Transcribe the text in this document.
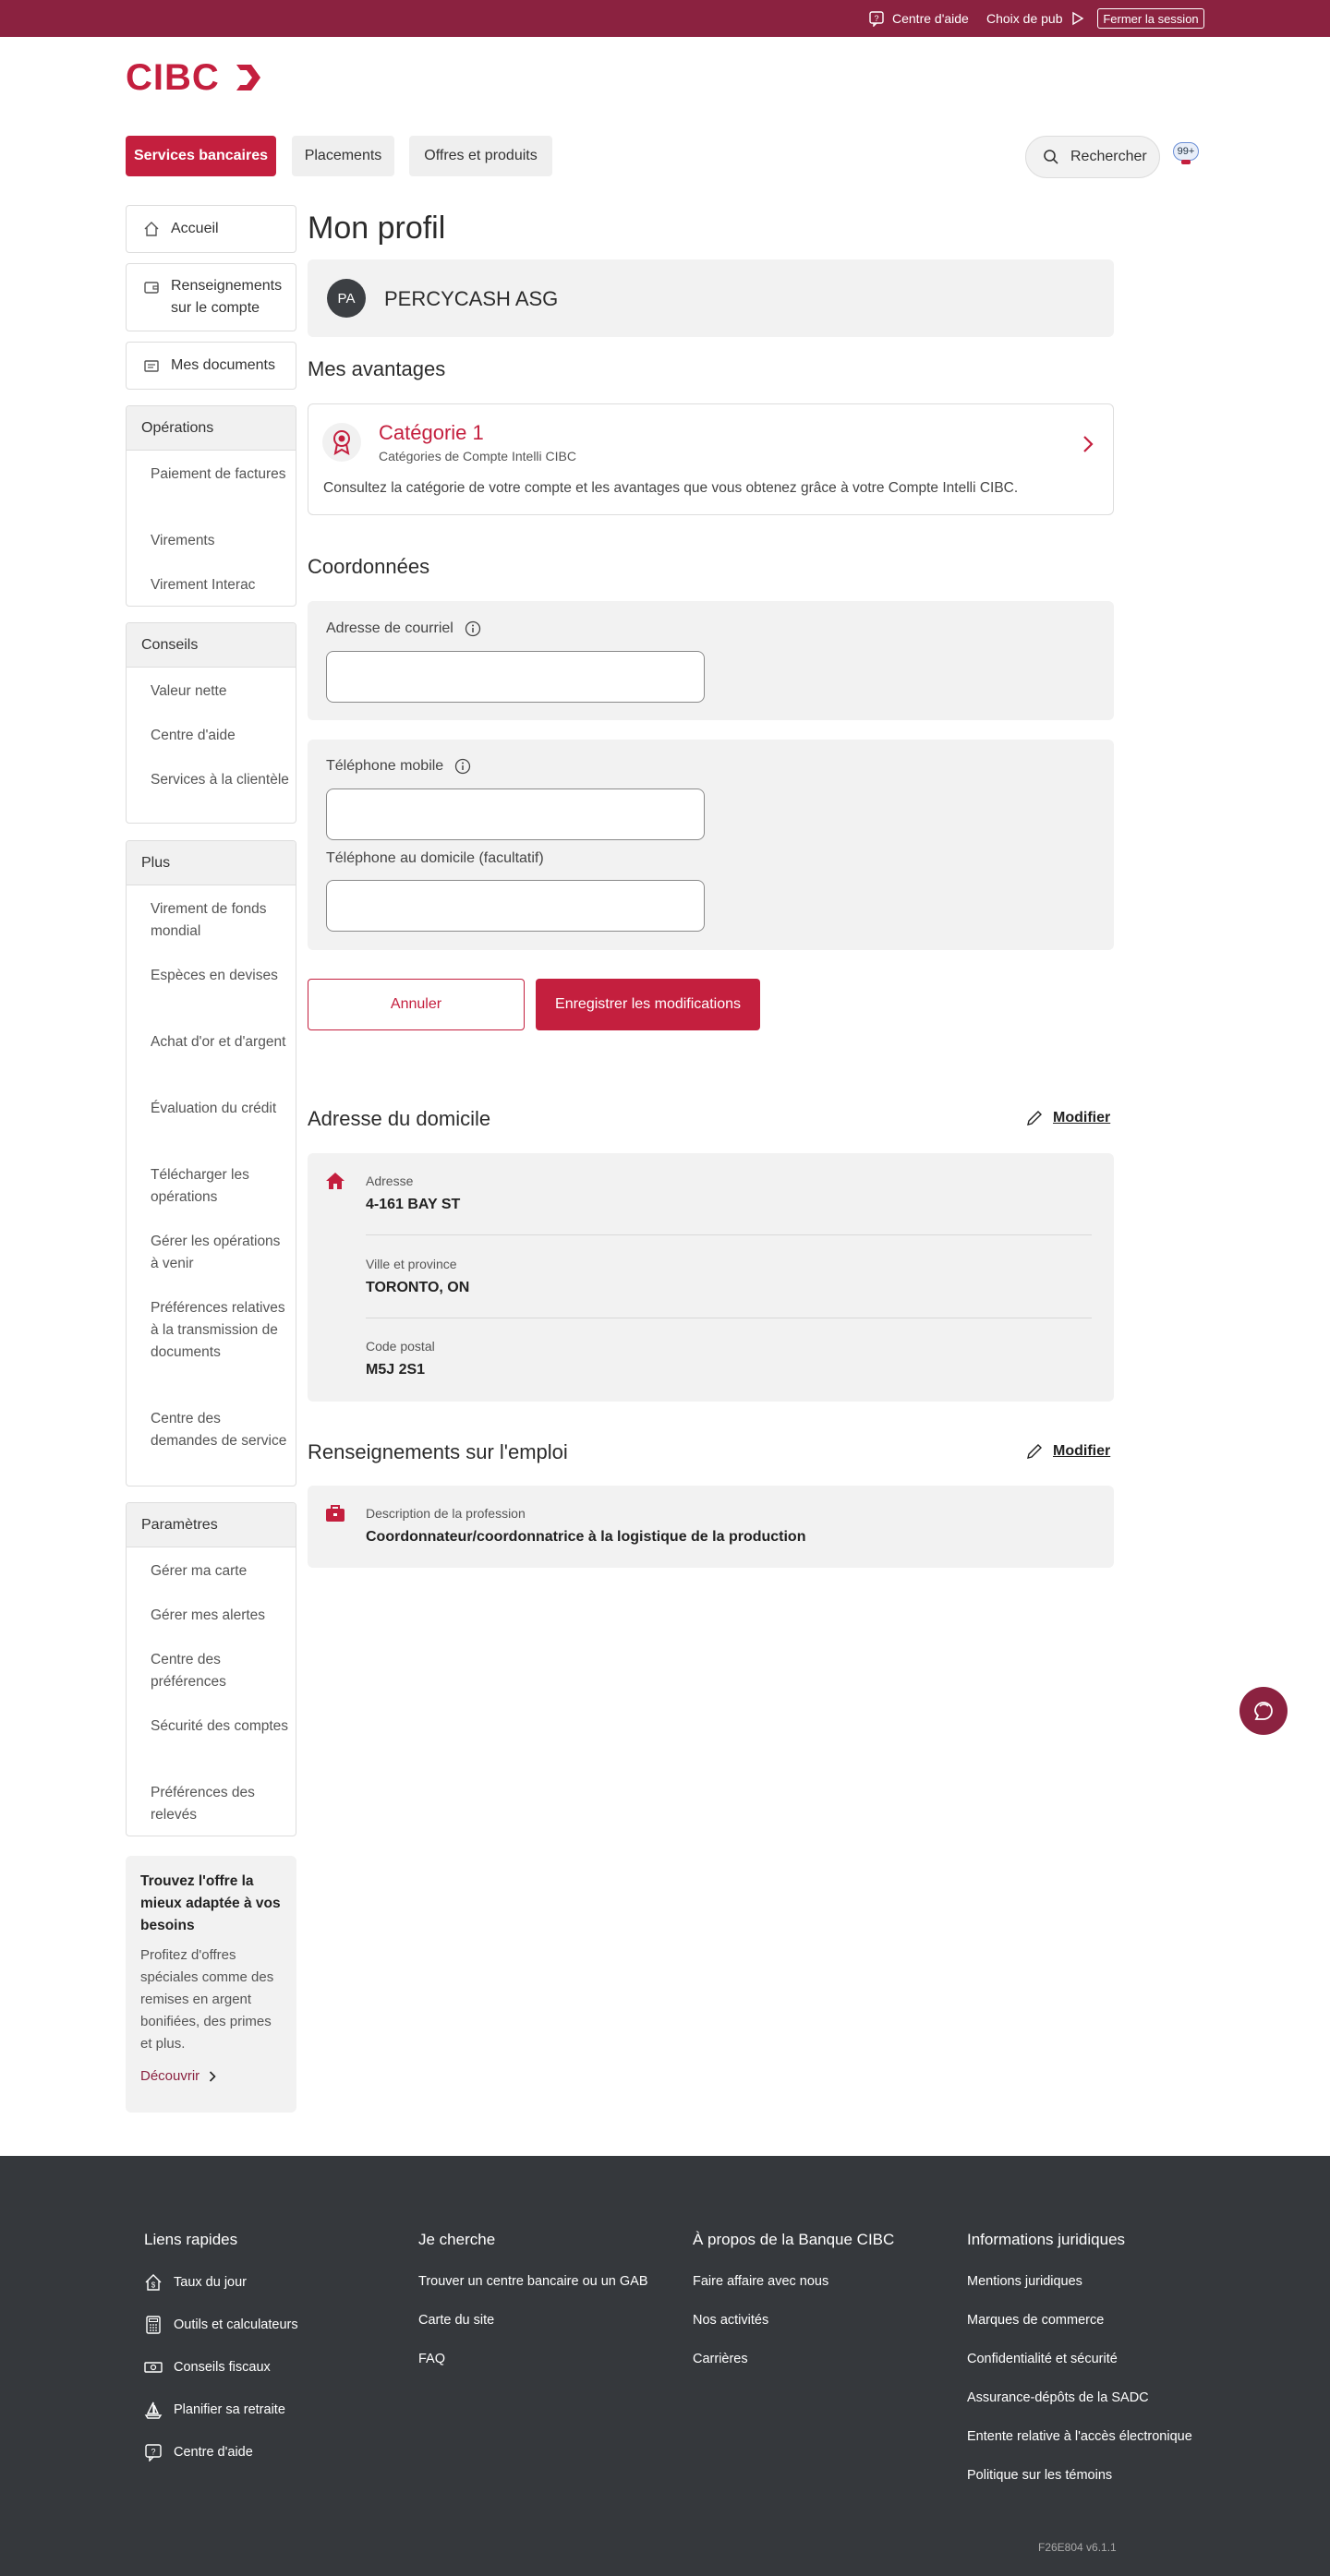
? Centre d'aide Choix de pub	Fermer la session
CIBC
Services bancaires	Placements	Offres et produits	Rechercher	99+
Accueil
Renseignements sur le compte
Mes documents
Opérations
Paiement de factures
Virements
Virement Interac
Conseils
Valeur nette
Centre d'aide
Services à la clientèle
Plus
Virement de fonds mondial
Espèces en devises
Achat d'or et d'argent
Évaluation du crédit
Télécharger les opérations
Gérer les opérations à venir
Préférences relatives à la transmission de documents
Centre des demandes de service
Paramètres
Gérer ma carte
Gérer mes alertes
Centre des préférences
Sécurité des comptes
Préférences des relevés
Trouvez l'offre la mieux adaptée à vos besoins

Profitez d'offres spéciales comme des remises en argent bonifiées, des primes et plus.

Découvrir
Mon profil
PA	PERCYCASH ASG
Mes avantages
Catégorie 1
Catégories de Compte Intelli CIBC
Consultez la catégorie de votre compte et les avantages que vous obtenez grâce à votre Compte Intelli CIBC.
Coordonnées
Adresse de courriel
Téléphone mobile
Téléphone au domicile (facultatif)
Annuler	Enregistrer les modifications
Adresse du domicile	Modifier
Adresse
4-161 BAY ST
Ville et province
TORONTO, ON
Code postal
M5J 2S1
Renseignements sur l'emploi	Modifier
Description de la profession
Coordonnateur/coordonnatrice à la logistique de la production
Liens rapides
$ Taux du jour
Outils et calculateurs
Conseils fiscaux
Planifier sa retraite
? Centre d'aide
Je cherche
Trouver un centre bancaire ou un GAB
Carte du site
FAQ
À propos de la Banque CIBC
Faire affaire avec nous
Nos activités
Carrières
Informations juridiques
Mentions juridiques
Marques de commerce
Confidentialité et sécurité
Assurance-dépôts de la SADC
Entente relative à l'accès électronique
Politique sur les témoins
F26E804 v6.1.1
